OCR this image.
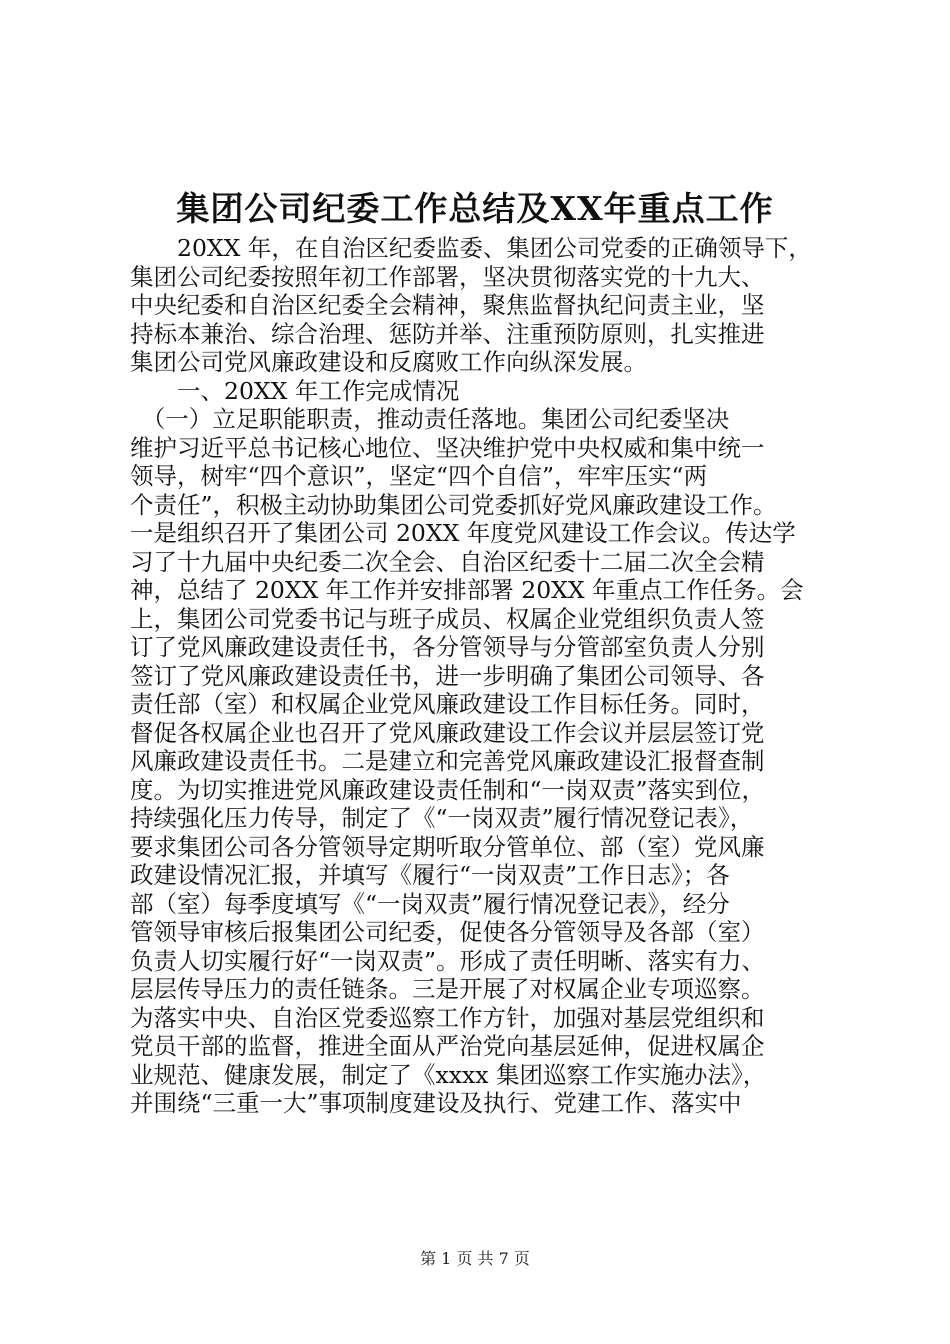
集团公司纪委工作总结及XX年重点工作
　　20XX 年，在自治区纪委监委、集团公司党委的正确领导下，
集团公司纪委按照年初工作部署，坚决贯彻落实党的十九大、
中央纪委和自治区纪委全会精神，聚焦监督执纪问责主业，坚
持标本兼治、综合治理、惩防并举、注重预防原则，扎实推进
集团公司党风廉政建设和反腐败工作向纵深发展。
　　一、20XX 年工作完成情况
　（一）立足职能职责，推动责任落地。集团公司纪委坚决
维护习近平总书记核心地位、坚决维护党中央权威和集中统一
领导，树牢“四个意识”，坚定“四个自信”，牢牢压实“两
个责任”，积极主动协助集团公司党委抓好党风廉政建设工作。
一是组织召开了集团公司 20XX 年度党风建设工作会议。传达学
习了十九届中央纪委二次全会、自治区纪委十二届二次全会精
神，总结了 20XX 年工作并安排部署 20XX 年重点工作任务。会
上，集团公司党委书记与班子成员、权属企业党组织负责人签
订了党风廉政建设责任书，各分管领导与分管部室负责人分别
签订了党风廉政建设责任书，进一步明确了集团公司领导、各
责任部（室）和权属企业党风廉政建设工作目标任务。同时，
督促各权属企业也召开了党风廉政建设工作会议并层层签订党
风廉政建设责任书。二是建立和完善党风廉政建设汇报督查制
度。为切实推进党风廉政建设责任制和“一岗双责”落实到位，
持续强化压力传导，制定了《“一岗双责”履行情况登记表》，
要求集团公司各分管领导定期听取分管单位、部（室）党风廉
政建设情况汇报，并填写《履行“一岗双责”工作日志》；各
部（室）每季度填写《“一岗双责”履行情况登记表》，经分
管领导审核后报集团公司纪委，促使各分管领导及各部（室）
负责人切实履行好“一岗双责”。形成了责任明晰、落实有力、
层层传导压力的责任链条。三是开展了对权属企业专项巡察。
为落实中央、自治区党委巡察工作方针，加强对基层党组织和
党员干部的监督，推进全面从严治党向基层延伸，促进权属企
业规范、健康发展，制定了《xxxx 集团巡察工作实施办法》，
并围绕“三重一大”事项制度建设及执行、党建工作、落实中
第 1 页 共 7 页
